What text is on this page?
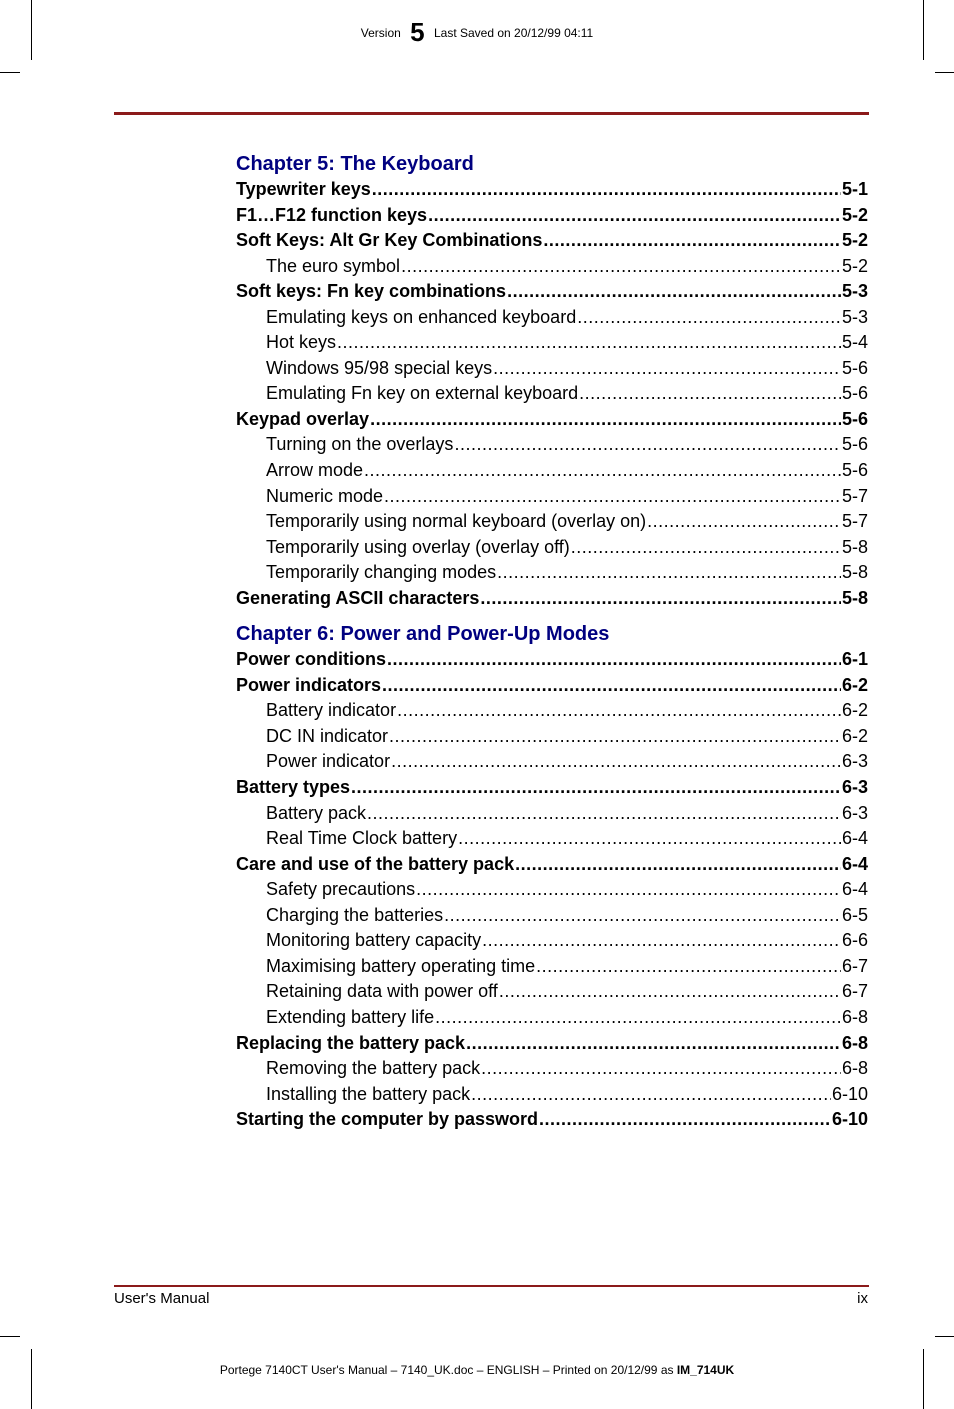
Version 5 Last Saved on 20/12/99 04:11
Chapter 5: The Keyboard
Typewriter keys .....	5-1
F1…F12 function keys .....	5-2
Soft Keys: Alt Gr Key Combinations .....	5-2
The euro symbol .....	5-2
Soft keys: Fn key combinations .....	5-3
Emulating keys on enhanced keyboard .....	5-3
Hot keys .....	5-4
Windows 95/98 special keys .....	5-6
Emulating Fn key on external keyboard .....	5-6
Keypad overlay .....	5-6
Turning on the overlays .....	5-6
Arrow mode .....	5-6
Numeric mode .....	5-7
Temporarily using normal keyboard (overlay on) .....	5-7
Temporarily using overlay (overlay off) .....	5-8
Temporarily changing modes .....	5-8
Generating ASCII characters .....	5-8
Chapter 6: Power and Power-Up Modes
Power conditions .....	6-1
Power indicators .....	6-2
Battery indicator .....	6-2
DC IN indicator .....	6-2
Power indicator .....	6-3
Battery types .....	6-3
Battery pack .....	6-3
Real Time Clock battery .....	6-4
Care and use of the battery pack .....	6-4
Safety precautions .....	6-4
Charging the batteries .....	6-5
Monitoring battery capacity .....	6-6
Maximising battery operating time .....	6-7
Retaining data with power off .....	6-7
Extending battery life .....	6-8
Replacing the battery pack .....	6-8
Removing the battery pack .....	6-8
Installing the battery pack .....	6-10
Starting the computer by password .....	6-10
User's Manual	ix
Portege 7140CT User's Manual – 7140_UK.doc – ENGLISH – Printed on 20/12/99 as IM_714UK
